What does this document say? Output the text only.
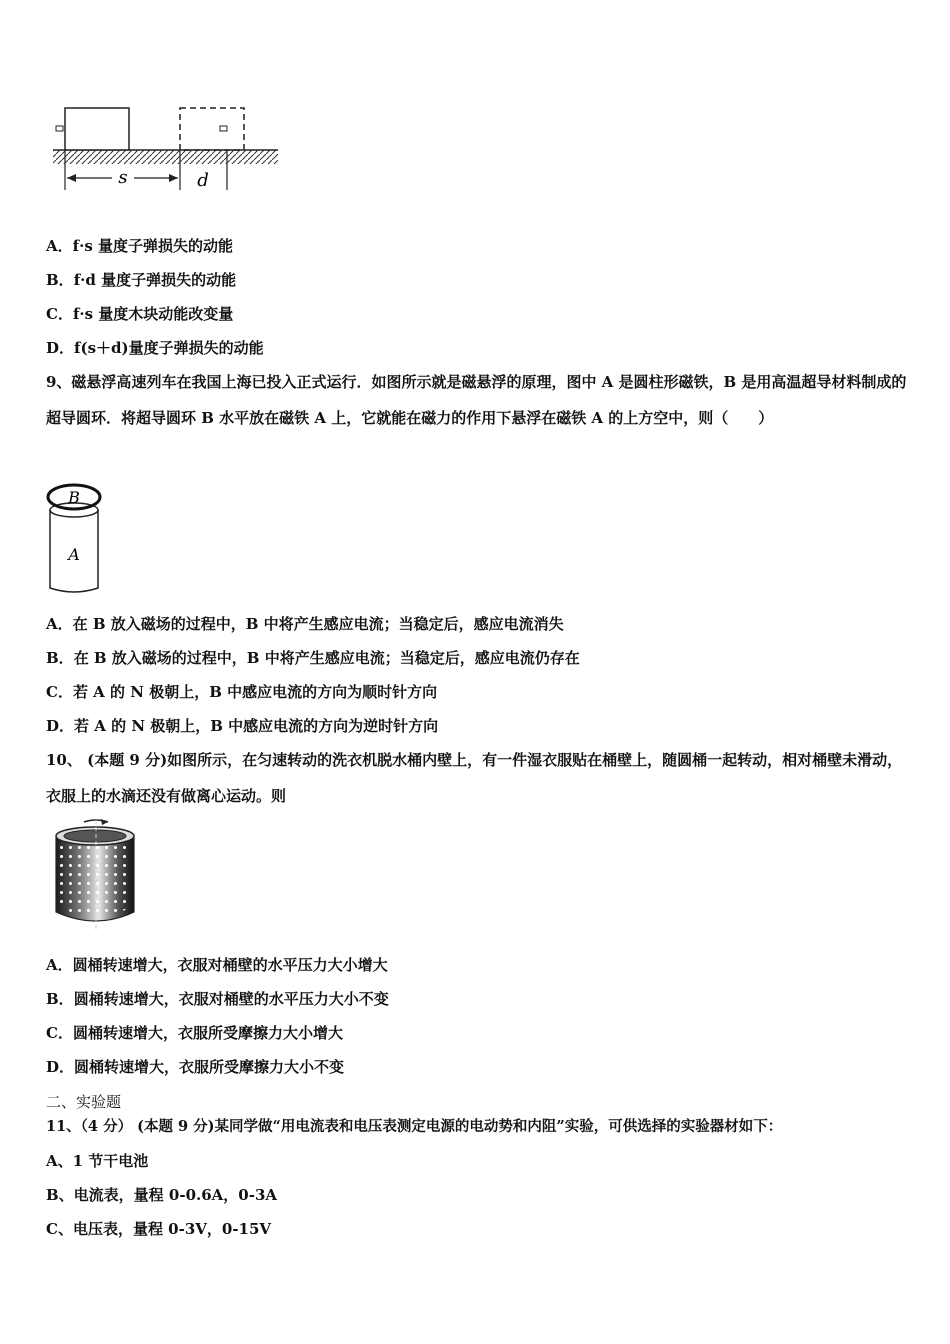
s	d
A．f·s 量度子弹损失的动能
B．f·d 量度子弹损失的动能
C．f·s 量度木块动能改变量
D．f(s＋d)量度子弹损失的动能
9、磁悬浮高速列车在我国上海已投入正式运行．如图所示就是磁悬浮的原理，图中 A 是圆柱形磁铁，B 是用高温超导材料制成的超导圆环．将超导圆环 B 水平放在磁铁 A 上，它就能在磁力的作用下悬浮在磁铁 A 的上方空中，则（　　）
B
A
A．在 B 放入磁场的过程中，B 中将产生感应电流；当稳定后，感应电流消失
B．在 B 放入磁场的过程中，B 中将产生感应电流；当稳定后，感应电流仍存在
C．若 A 的 N 极朝上，B 中感应电流的方向为顺时针方向
D．若 A 的 N 极朝上，B 中感应电流的方向为逆时针方向
10、 (本题 9 分)如图所示，在匀速转动的洗衣机脱水桶内壁上，有一件湿衣服贴在桶壁上，随圆桶一起转动，相对桶壁未滑动，衣服上的水滴还没有做离心运动。则
A．圆桶转速增大，衣服对桶壁的水平压力大小增大
B．圆桶转速增大，衣服对桶壁的水平压力大小不变
C．圆桶转速增大，衣服所受摩擦力大小增大
D．圆桶转速增大，衣服所受摩擦力大小不变
二、实验题
11、（4 分） (本题 9 分)某同学做“用电流表和电压表测定电源的电动势和内阻”实验，可供选择的实验器材如下：
A、1 节干电池
B、电流表，量程 0-0.6A，0-3A
C、电压表，量程 0-3V，0-15V
